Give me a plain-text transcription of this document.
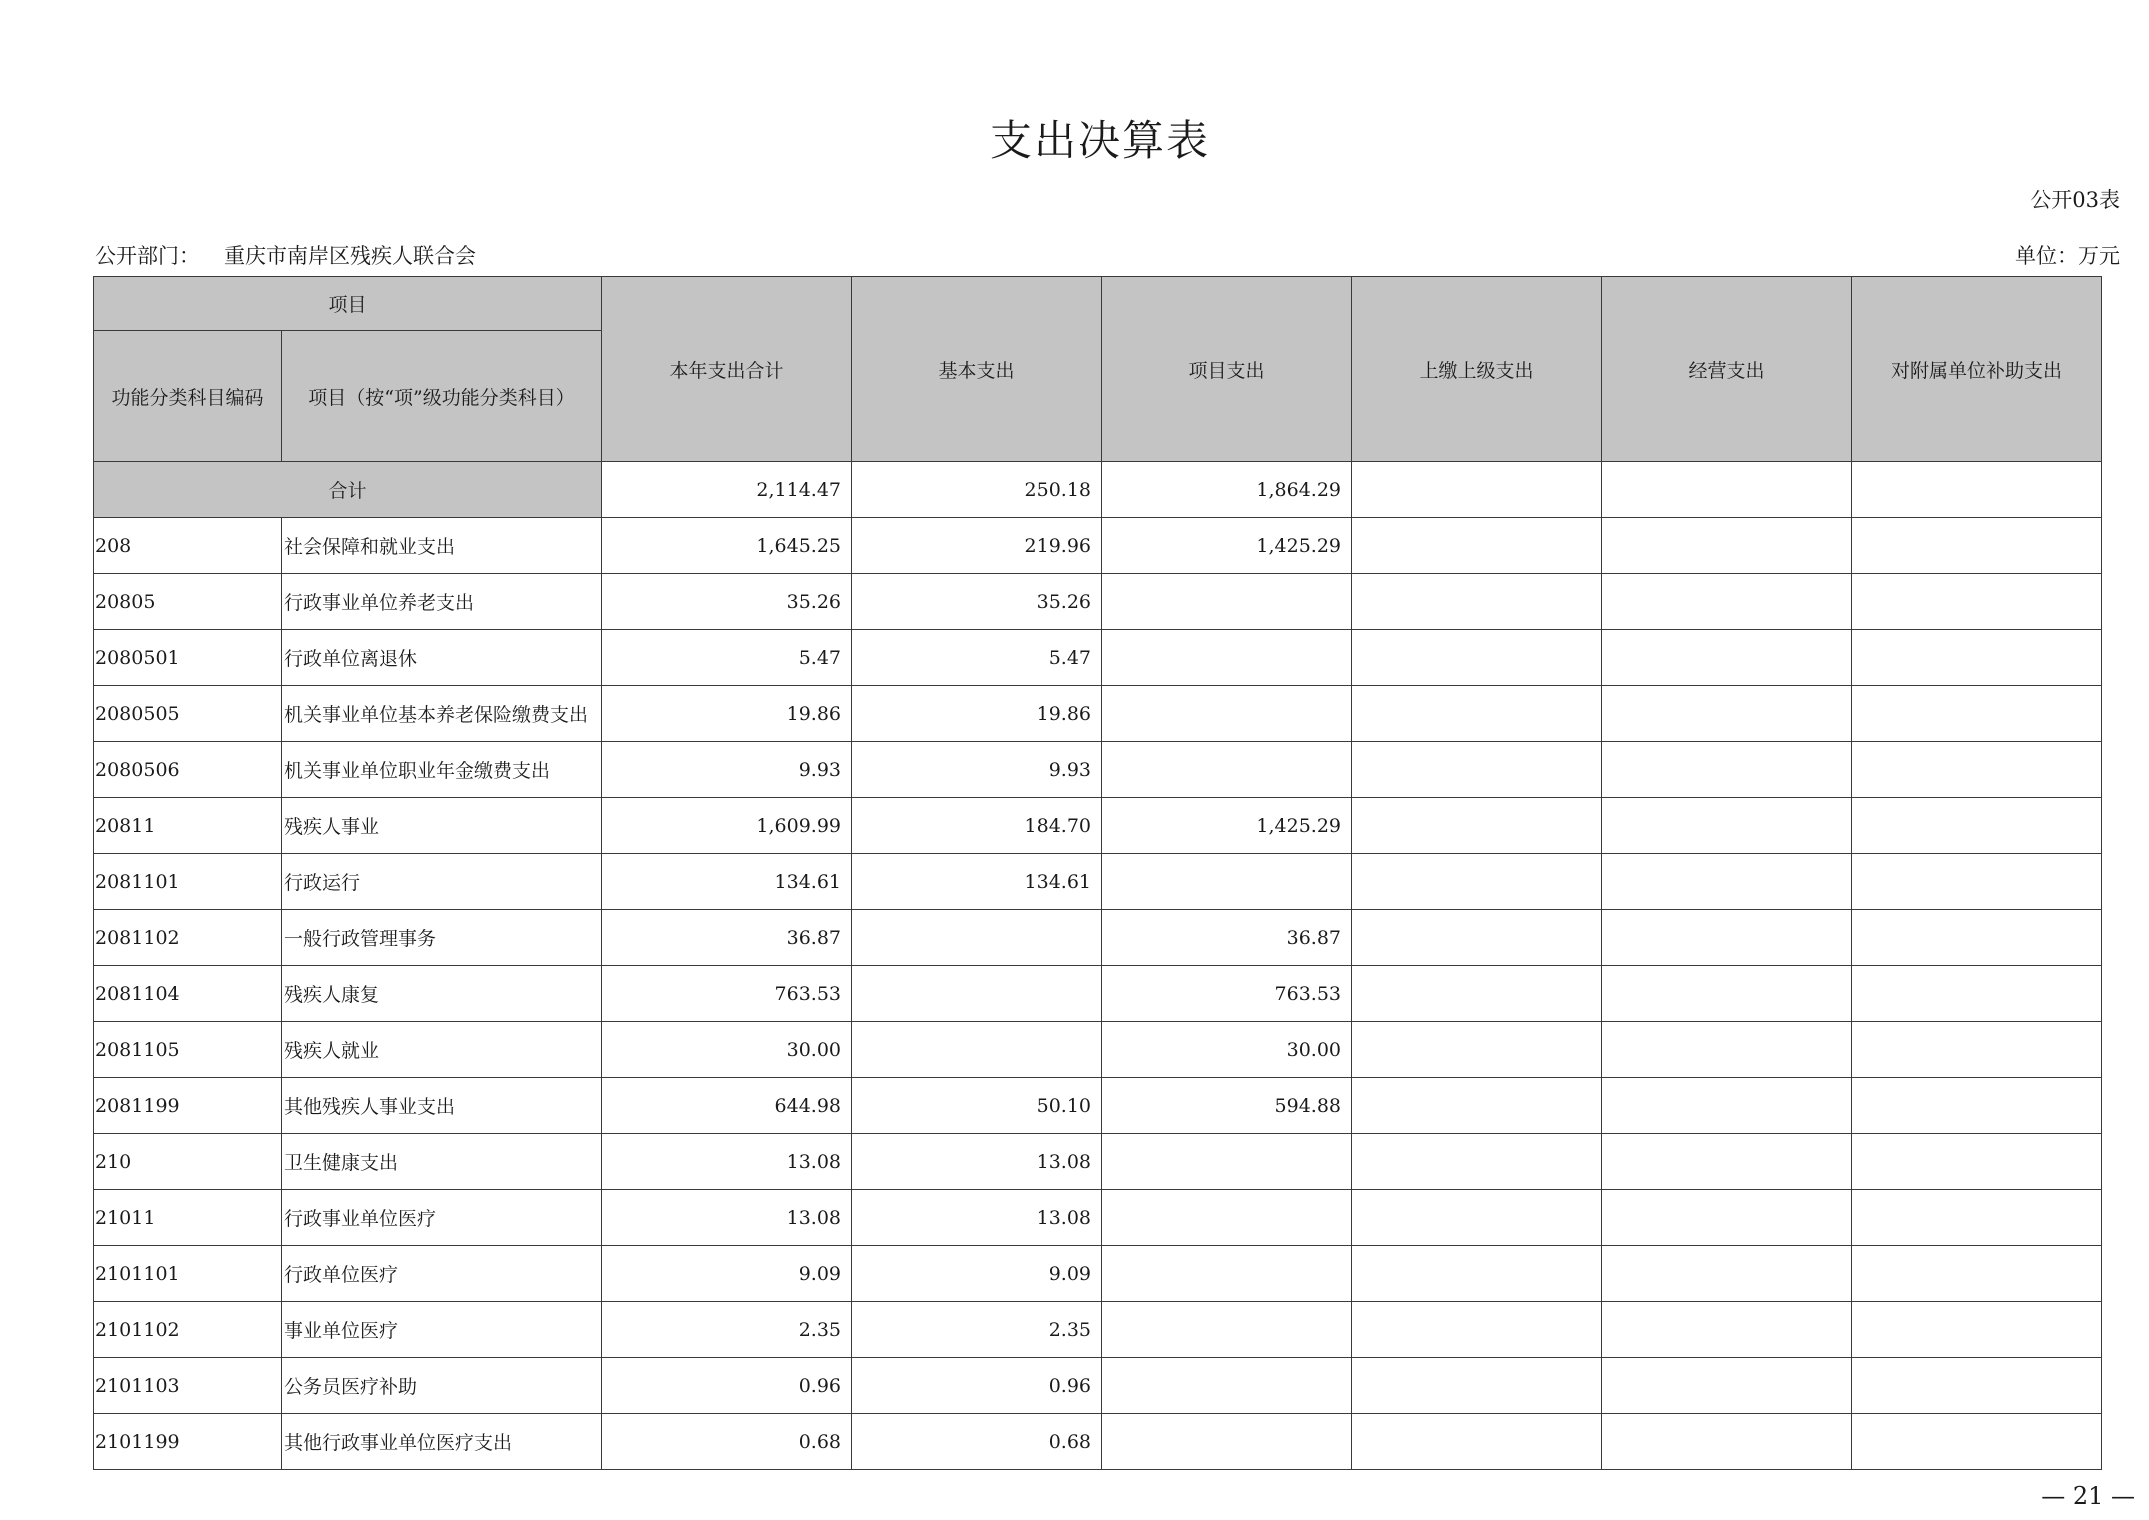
支出决算表
公开03表
公开部门： 重庆市南岸区残疾人联合会	单位：万元
项目		本年支出合计	基本支出	项目支出	上缴上级支出	经营支出	对附属单位补助支出
功能分类科目编码	项目（按“项”级功能分类科目）						
合计		2,114.47	250.18	1,864.29			
208	社会保障和就业支出	1,645.25	219.96	1,425.29			
20805	行政事业单位养老支出	35.26	35.26				
2080501	行政单位离退休	5.47	5.47				
2080505	机关事业单位基本养老保险缴费支出	19.86	19.86				
2080506	机关事业单位职业年金缴费支出	9.93	9.93				
20811	残疾人事业	1,609.99	184.70	1,425.29			
2081101	行政运行	134.61	134.61				
2081102	一般行政管理事务	36.87		36.87			
2081104	残疾人康复	763.53		763.53			
2081105	残疾人就业	30.00		30.00			
2081199	其他残疾人事业支出	644.98	50.10	594.88			
210	卫生健康支出	13.08	13.08				
21011	行政事业单位医疗	13.08	13.08				
2101101	行政单位医疗	9.09	9.09				
2101102	事业单位医疗	2.35	2.35				
2101103	公务员医疗补助	0.96	0.96				
2101199	其他行政事业单位医疗支出	0.68	0.68				
— 21 —
